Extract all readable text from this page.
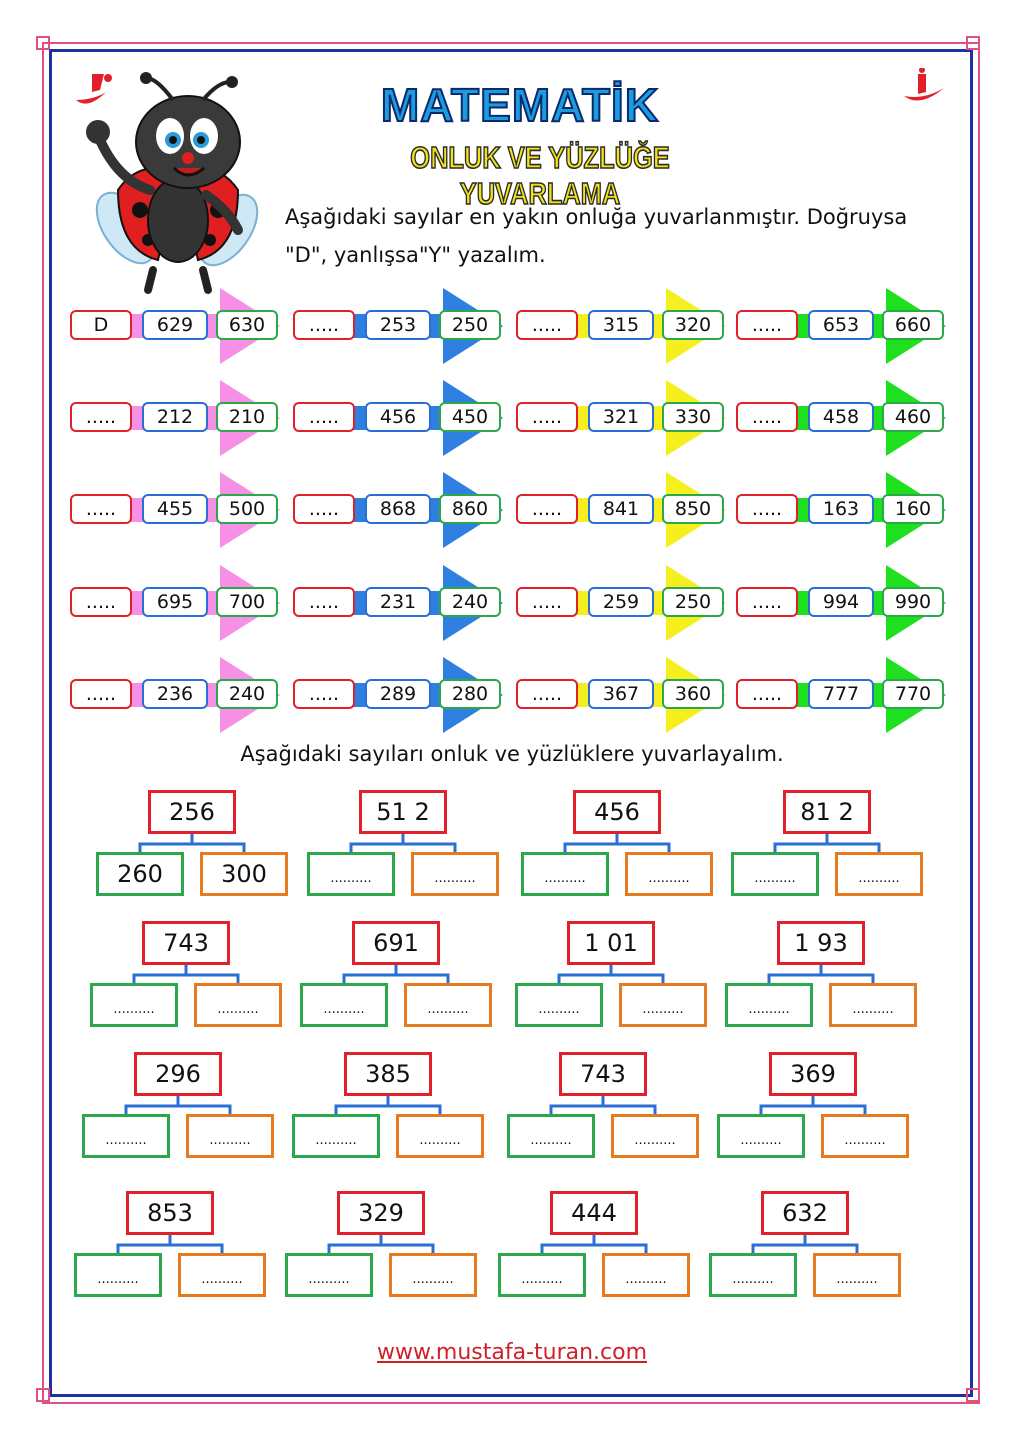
MATEMATİK
ONLUK VE YÜZLÜĞE YUVARLAMA
Aşağıdaki sayılar en yakın onluğa yuvarlanmıştır. Doğruysa "D", yanlışsa"Y" yazalım.
D	629	630	.....	253	250	.....	315	320	.....	653	660
.....	212	210	.....	456	450	.....	321	330	.....	458	460
.....	455	500	.....	868	860	.....	841	850	.....	163	160
.....	695	700	.....	231	240	.....	259	250	.....	994	990
.....	236	240	.....	289	280	.....	367	360	.....	777	770
Aşağıdaki sayıları onluk ve yüzlüklere yuvarlayalım.
256
260	300
51 2
..........	..........
456
..........	..........
81 2
..........	..........
743
..........	..........
691
..........	..........
1 01
..........	..........
1 93
..........	..........
296
..........	..........
385
..........	..........
743
..........	..........
369
..........	..........
853
..........	..........
329
..........	..........
444
..........	..........
632
..........	..........
www.mustafa-turan.com
